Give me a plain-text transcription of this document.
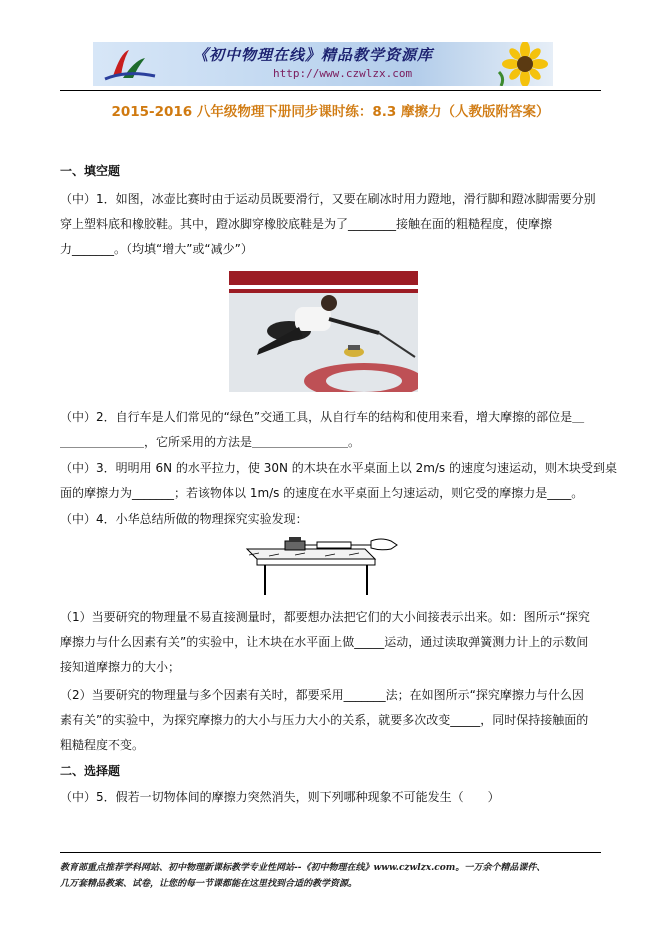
《初中物理在线》精品教学资源库
http://www.czwlzx.com
2015-2016 八年级物理下册同步课时练：8.3 摩擦力（人教版附答案）
一、填空题
（中）1．如图，冰壶比赛时由于运动员既要滑行，又要在刷冰时用力蹬地，滑行脚和蹬冰脚需要分别
穿上塑料底和橡胶鞋。其中，蹬冰脚穿橡胶底鞋是为了________接触在面的粗糙程度，使摩擦
力_______。（均填“增大”或“减少”）
（中）2．自行车是人们常见的“绿色”交通工具，从自行车的结构和使用来看，增大摩擦的部位是＿
＿＿＿＿＿＿＿，它所采用的方法是＿＿＿＿＿＿＿＿。
（中）3．明明用 6N 的水平拉力，使 30N 的木块在水平桌面上以 2m/s 的速度匀速运动，则木块受到桌
面的摩擦力为_______；若该物体以 1m/s 的速度在水平桌面上匀速运动，则它受的摩擦力是____。
（中）4．小华总结所做的物理探究实验发现：
（1）当要研究的物理量不易直接测量时，都要想办法把它们的大小间接表示出来。如：图所示“探究
摩擦力与什么因素有关”的实验中，让木块在水平面上做_____运动，通过读取弹簧测力计上的示数间
接知道摩擦力的大小；
（2）当要研究的物理量与多个因素有关时，都要采用_______法；在如图所示“探究摩擦力与什么因
素有关”的实验中，为探究摩擦力的大小与压力大小的关系，就要多次改变_____，同时保持接触面的
粗糙程度不变。
二、选择题
（中）5．假若一切物体间的摩擦力突然消失，则下列哪种现象不可能发生（　　）
教育部重点推荐学科网站、初中物理新课标教学专业性网站--《初中物理在线》www.czwlzx.com。一万余个精品课件、
几万套精品教案、试卷，让您的每一节课都能在这里找到合适的教学资源。
